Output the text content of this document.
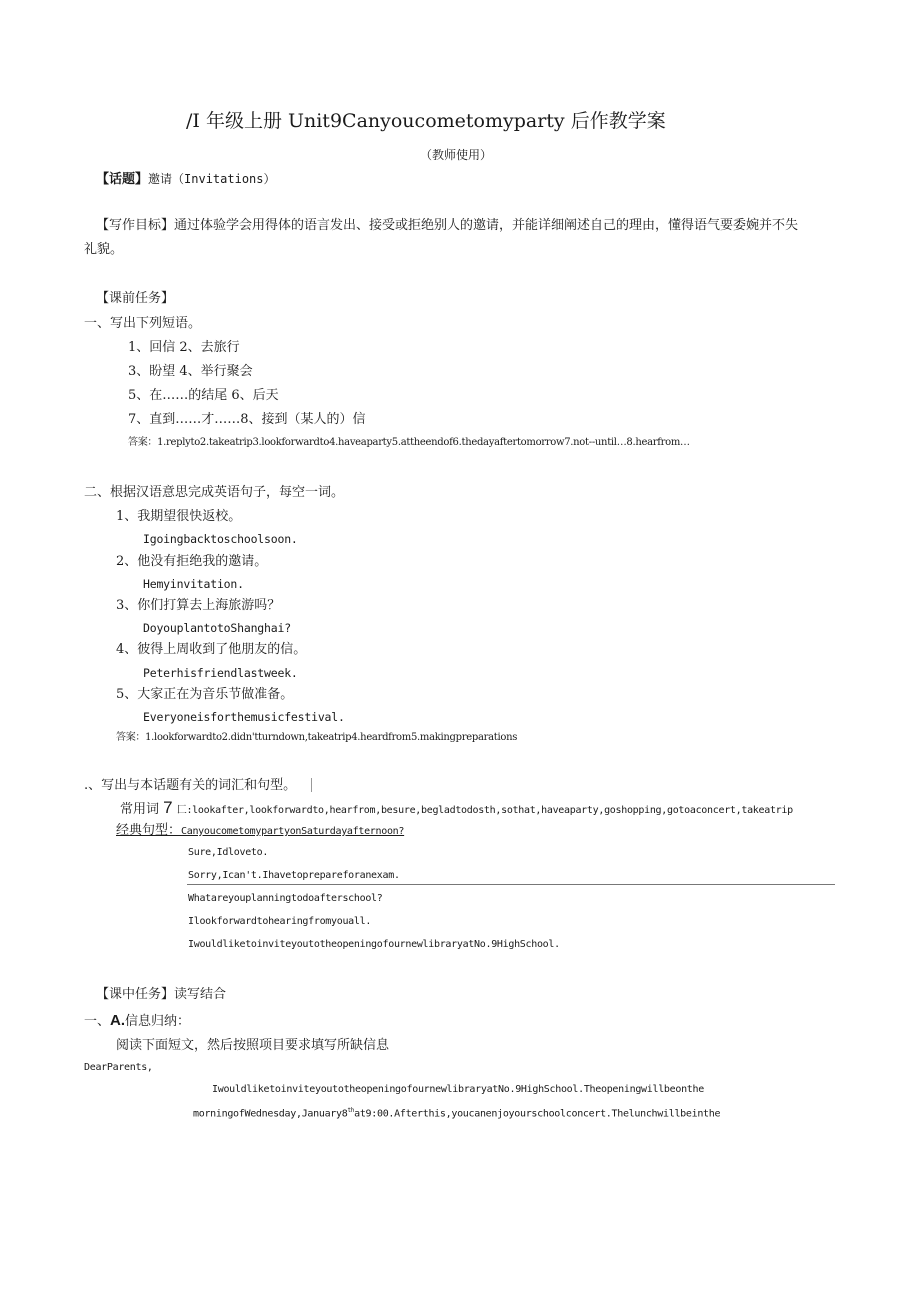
/I 年级上册 Unit9Canyoucometomyparty 后作教学案
（教师使用）
【话题】邀请（Invitations）
【写作目标】通过体验学会用得体的语言发出、接受或拒绝别人的邀请，并能详细阐述自己的理由，懂得语气要委婉并不失
礼貌。
【课前任务】
一、写出下列短语。
1、回信 2、去旅行
3、盼望 4、举行聚会
5、在……的结尾 6、后天
7、直到……才……8、接到（某人的）信
答案：1.replyto2.takeatrip3.lookforwardto4.haveaparty5.attheendof6.thedayaftertomorrow7.not--until…8.hearfrom…
二、根据汉语意思完成英语句子，每空一词。
1、我期望很快返校。
Igoingbacktoschoolsoon.
2、他没有拒绝我的邀请。
Hemyinvitation.
3、你们打算去上海旅游吗？
DoyouplantotoShanghai?
4、彼得上周收到了他朋友的信。
Peterhisfriendlastweek.
5、大家正在为音乐节做准备。
Everyoneisforthemusicfestival.
答案：1.lookforwardto2.didn'tturndown,takeatrip4.heardfrom5.makingpreparations
.、写出与本话题有关的词汇和句型。
常用词 7 匚:lookafter,lookforwardto,hearfrom,besure,begladtodosth,sothat,haveaparty,goshopping,gotoaconcert,takeatrip
经典句型：CanyoucometomypartyonSaturdayafternoon?
Sure,Idloveto.
Sorry,Ican't.Ihavetoprepareforanexam.
Whatareyouplanningtodoafterschool?
Ilookforwardtohearingfromyouall.
IwouldliketoinviteyoutotheopeningofournewlibraryatNo.9HighSchool.
【课中任务】读写结合
一、A.信息归纳：
阅读下面短文，然后按照项目要求填写所缺信息
DearParents,
IwouldliketoinviteyoutotheopeningofournewlibraryatNo.9HighSchool.Theopeningwillbeonthe
morningofWednesday,January8that9:00.Afterthis,youcanenjoyourschoolconcert.Thelunchwillbeinthe
